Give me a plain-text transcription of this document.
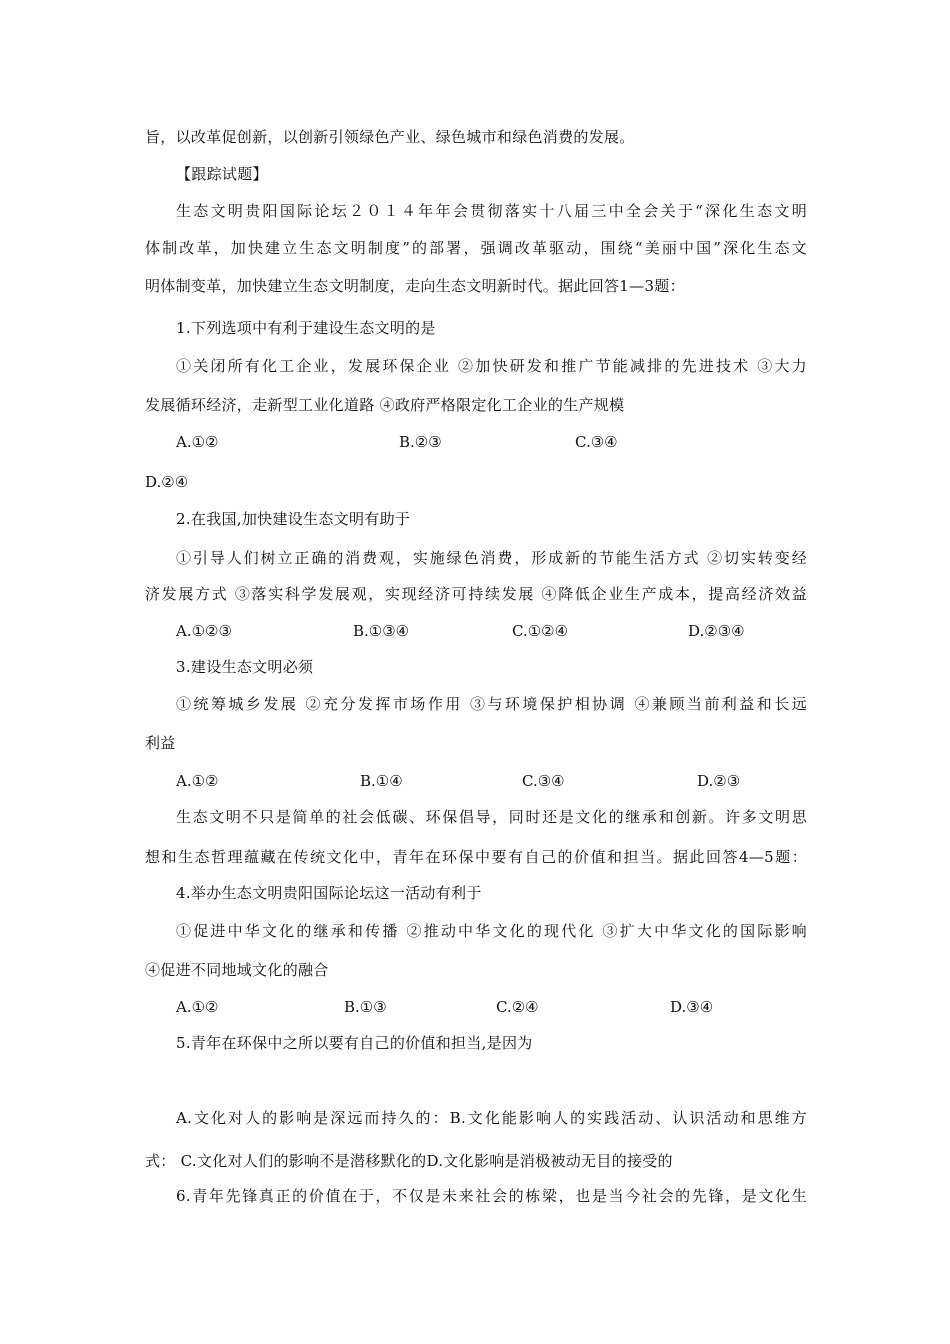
旨，以改革促创新，以创新引领绿色产业、绿色城市和绿色消费的发展。
【跟踪试题】
生态文明贵阳国际论坛２０１４年年会贯彻落实十八届三中全会关于“深化生态文明
体制改革，加快建立生态文明制度”的部署，强调改革驱动，围绕“美丽中国”深化生态文
明体制变革，加快建立生态文明制度，走向生态文明新时代。据此回答1—3题：
1.下列选项中有利于建设生态文明的是
①关闭所有化工企业，发展环保企业 ②加快研发和推广节能减排的先进技术 ③大力
发展循环经济，走新型工业化道路 ④政府严格限定化工企业的生产规模
A.①②	B.②③	C.③④
D.②④
2.在我国,加快建设生态文明有助于
①引导人们树立正确的消费观，实施绿色消费，形成新的节能生活方式 ②切实转变经
济发展方式 ③落实科学发展观，实现经济可持续发展 ④降低企业生产成本，提高经济效益
A.①②③	B.①③④	C.①②④	D.②③④
3.建设生态文明必须
①统筹城乡发展 ②充分发挥市场作用 ③与环境保护相协调 ④兼顾当前利益和长远
利益
A.①②	B.①④	C.③④	D.②③
生态文明不只是简单的社会低碳、环保倡导，同时还是文化的继承和创新。许多文明思
想和生态哲理蕴藏在传统文化中，青年在环保中要有自己的价值和担当。据此回答4—5题：
4.举办生态文明贵阳国际论坛这一活动有利于
①促进中华文化的继承和传播 ②推动中华文化的现代化 ③扩大中华文化的国际影响
④促进不同地域文化的融合
A.①②	B.①③	C.②④	D.③④
5.青年在环保中之所以要有自己的价值和担当,是因为
A.文化对人的影响是深远而持久的：B.文化能影响人的实践活动、认识活动和思维方
式： C.文化对人们的影响不是潜移默化的D.文化影响是消极被动无目的接受的
6.青年先锋真正的价值在于，不仅是未来社会的栋梁，也是当今社会的先锋，是文化生
